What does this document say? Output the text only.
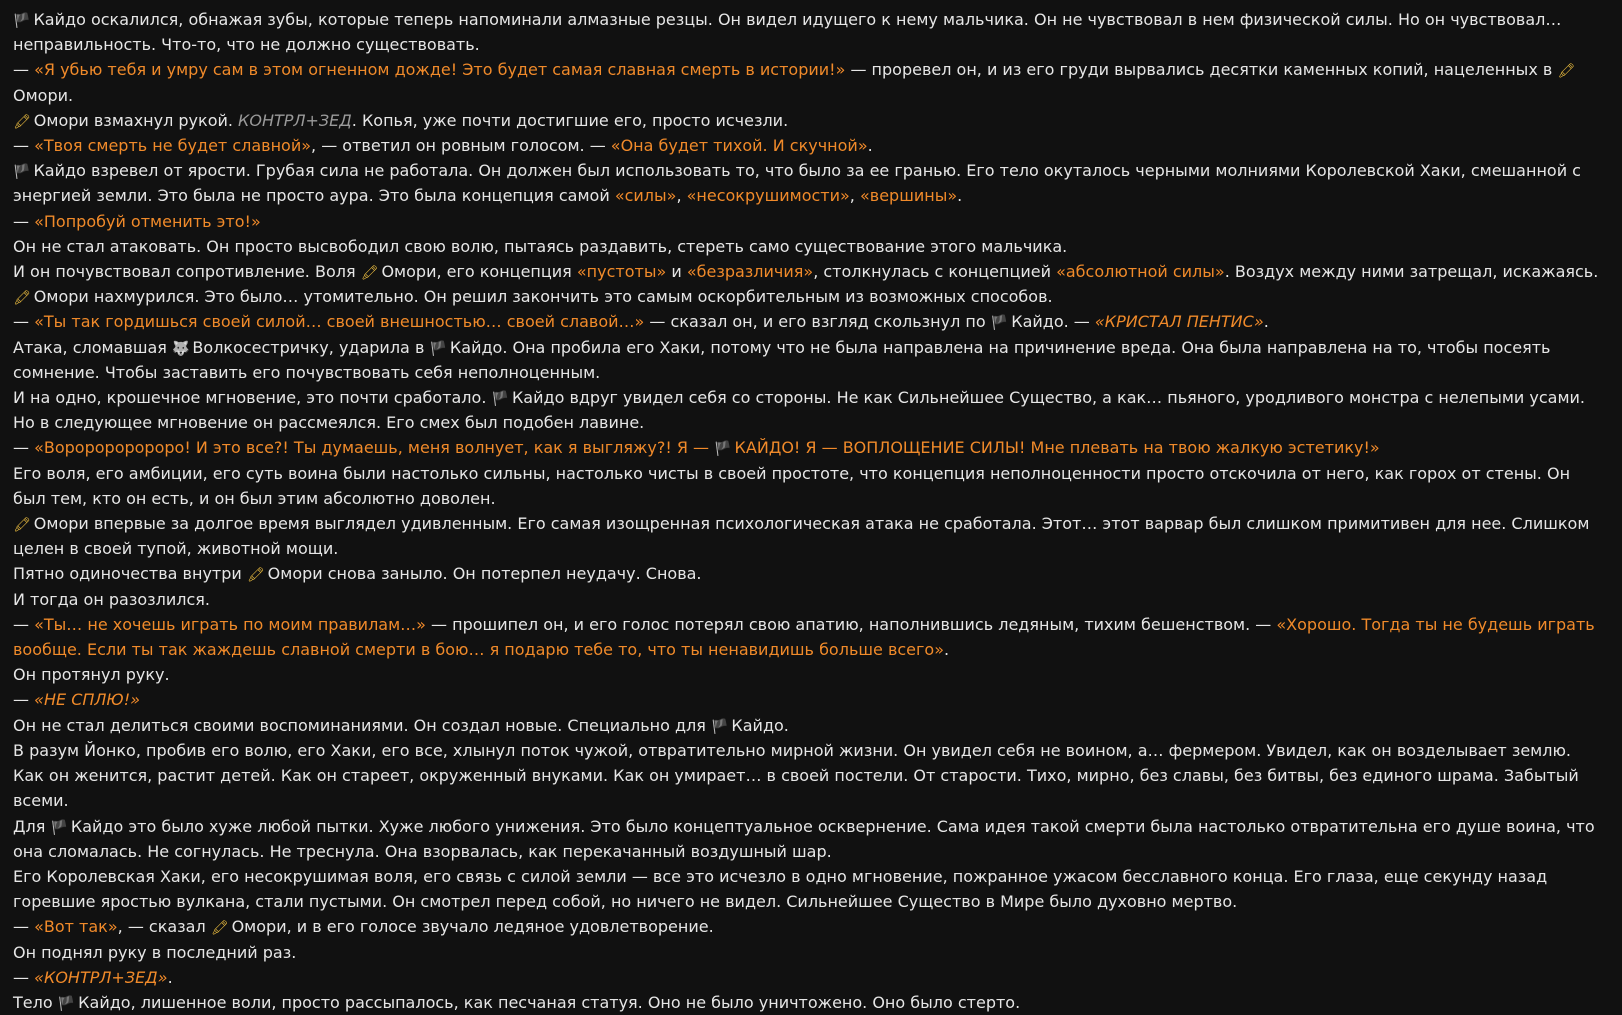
🏴 Кайдо оскалился, обнажая зубы, которые теперь напоминали алмазные резцы. Он видел идущего к нему мальчика. Он не чувствовал в нем физической силы. Но он чувствовал… неправильность. Что-то, что не должно существовать.
— «Я убью тебя и умру сам в этом огненном дожде! Это будет самая славная смерть в истории!» — проревел он, и из его груди вырвались десятки каменных копий, нацеленных в 🖍Омори.
🖍 Омори взмахнул рукой. КОНТРЛ+ЗЕД. Копья, уже почти достигшие его, просто исчезли.
— «Твоя смерть не будет славной», — ответил он ровным голосом. — «Она будет тихой. И скучной».
🏴 Кайдо взревел от ярости. Грубая сила не работала. Он должен был использовать то, что было за ее гранью. Его тело окуталось черными молниями Королевской Хаки, смешанной с энергией земли. Это была не просто аура. Это была концепция самой «силы», «несокрушимости», «вершины».
— «Попробуй отменить это!»
Он не стал атаковать. Он просто высвободил свою волю, пытаясь раздавить, стереть само существование этого мальчика.
И он почувствовал сопротивление. Воля 🖍 Омори, его концепция «пустоты» и «безразличия», столкнулась с концепцией «абсолютной силы». Воздух между ними затрещал, искажаясь.
🖍 Омори нахмурился. Это было… утомительно. Он решил закончить это самым оскорбительным из возможных способов.
— «Ты так гордишься своей силой… своей внешностью… своей славой…» — сказал он, и его взгляд скользнул по 🏴 Кайдо. — «КРИСТАЛ ПЕНТИС».
Атака, сломавшая 🐺 Волкосестричку, ударила в 🏴 Кайдо. Она пробила его Хаки, потому что не была направлена на причинение вреда. Она была направлена на то, чтобы посеять сомнение. Чтобы заставить его почувствовать себя неполноценным.
И на одно, крошечное мгновение, это почти сработало. 🏴 Кайдо вдруг увидел себя со стороны. Не как Сильнейшее Существо, а как… пьяного, уродливого монстра с нелепыми усами.
Но в следующее мгновение он рассмеялся. Его смех был подобен лавине.
— «Вороророророро! И это все?! Ты думаешь, меня волнует, как я выгляжу?! Я — 🏴 КАЙДО! Я — ВОПЛОЩЕНИЕ СИЛЫ! Мне плевать на твою жалкую эстетику!»
Его воля, его амбиции, его суть воина были настолько сильны, настолько чисты в своей простоте, что концепция неполноценности просто отскочила от него, как горох от стены. Он был тем, кто он есть, и он был этим абсолютно доволен.
🖍 Омори впервые за долгое время выглядел удивленным. Его самая изощренная психологическая атака не сработала. Этот… этот варвар был слишком примитивен для нее. Слишком целен в своей тупой, животной мощи.
Пятно одиночества внутри 🖍 Омори снова заныло. Он потерпел неудачу. Снова.
И тогда он разозлился.
— «Ты… не хочешь играть по моим правилам…» — прошипел он, и его голос потерял свою апатию, наполнившись ледяным, тихим бешенством. — «Хорошо. Тогда ты не будешь играть вообще. Если ты так жаждешь славной смерти в бою… я подарю тебе то, что ты ненавидишь больше всего».
Он протянул руку.
— «НЕ СПЛЮ!»
Он не стал делиться своими воспоминаниями. Он создал новые. Специально для 🏴 Кайдо.
В разум Йонко, пробив его волю, его Хаки, его все, хлынул поток чужой, отвратительно мирной жизни. Он увидел себя не воином, а… фермером. Увидел, как он возделывает землю. Как он женится, растит детей. Как он стареет, окруженный внуками. Как он умирает… в своей постели. От старости. Тихо, мирно, без славы, без битвы, без единого шрама. Забытый всеми.
Для 🏴 Кайдо это было хуже любой пытки. Хуже любого унижения. Это было концептуальное осквернение. Сама идея такой смерти была настолько отвратительна его душе воина, что она сломалась. Не согнулась. Не треснула. Она взорвалась, как перекачанный воздушный шар.
Его Королевская Хаки, его несокрушимая воля, его связь с силой земли — все это исчезло в одно мгновение, пожранное ужасом бесславного конца. Его глаза, еще секунду назад горевшие яростью вулкана, стали пустыми. Он смотрел перед собой, но ничего не видел. Сильнейшее Существо в Мире было духовно мертво.
— «Вот так», — сказал 🖍 Омори, и в его голосе звучало ледяное удовлетворение.
Он поднял руку в последний раз.
— «КОНТРЛ+ЗЕД».
Тело 🏴 Кайдо, лишенное воли, просто рассыпалось, как песчаная статуя. Оно не было уничтожено. Оно было стерто.
